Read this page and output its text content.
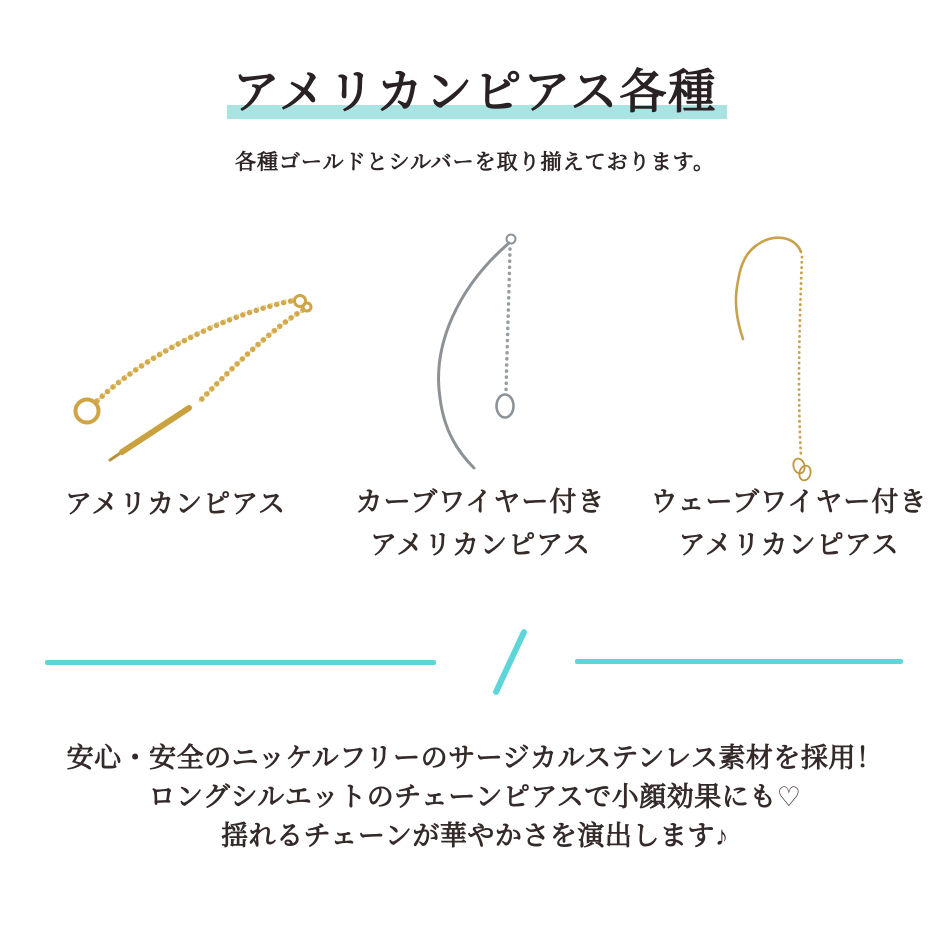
アメリカンピアス各種
各種ゴールドとシルバーを取り揃えております。
アメリカンピアス	カーブワイヤー付き
アメリカンピアス
ウェーブワイヤー付き
アメリカンピアス
安心・安全のニッケルフリーのサージカルステンレス素材を採用！
ロングシルエットのチェーンピアスで小顔効果にも♡
揺れるチェーンが華やかさを演出します♪
